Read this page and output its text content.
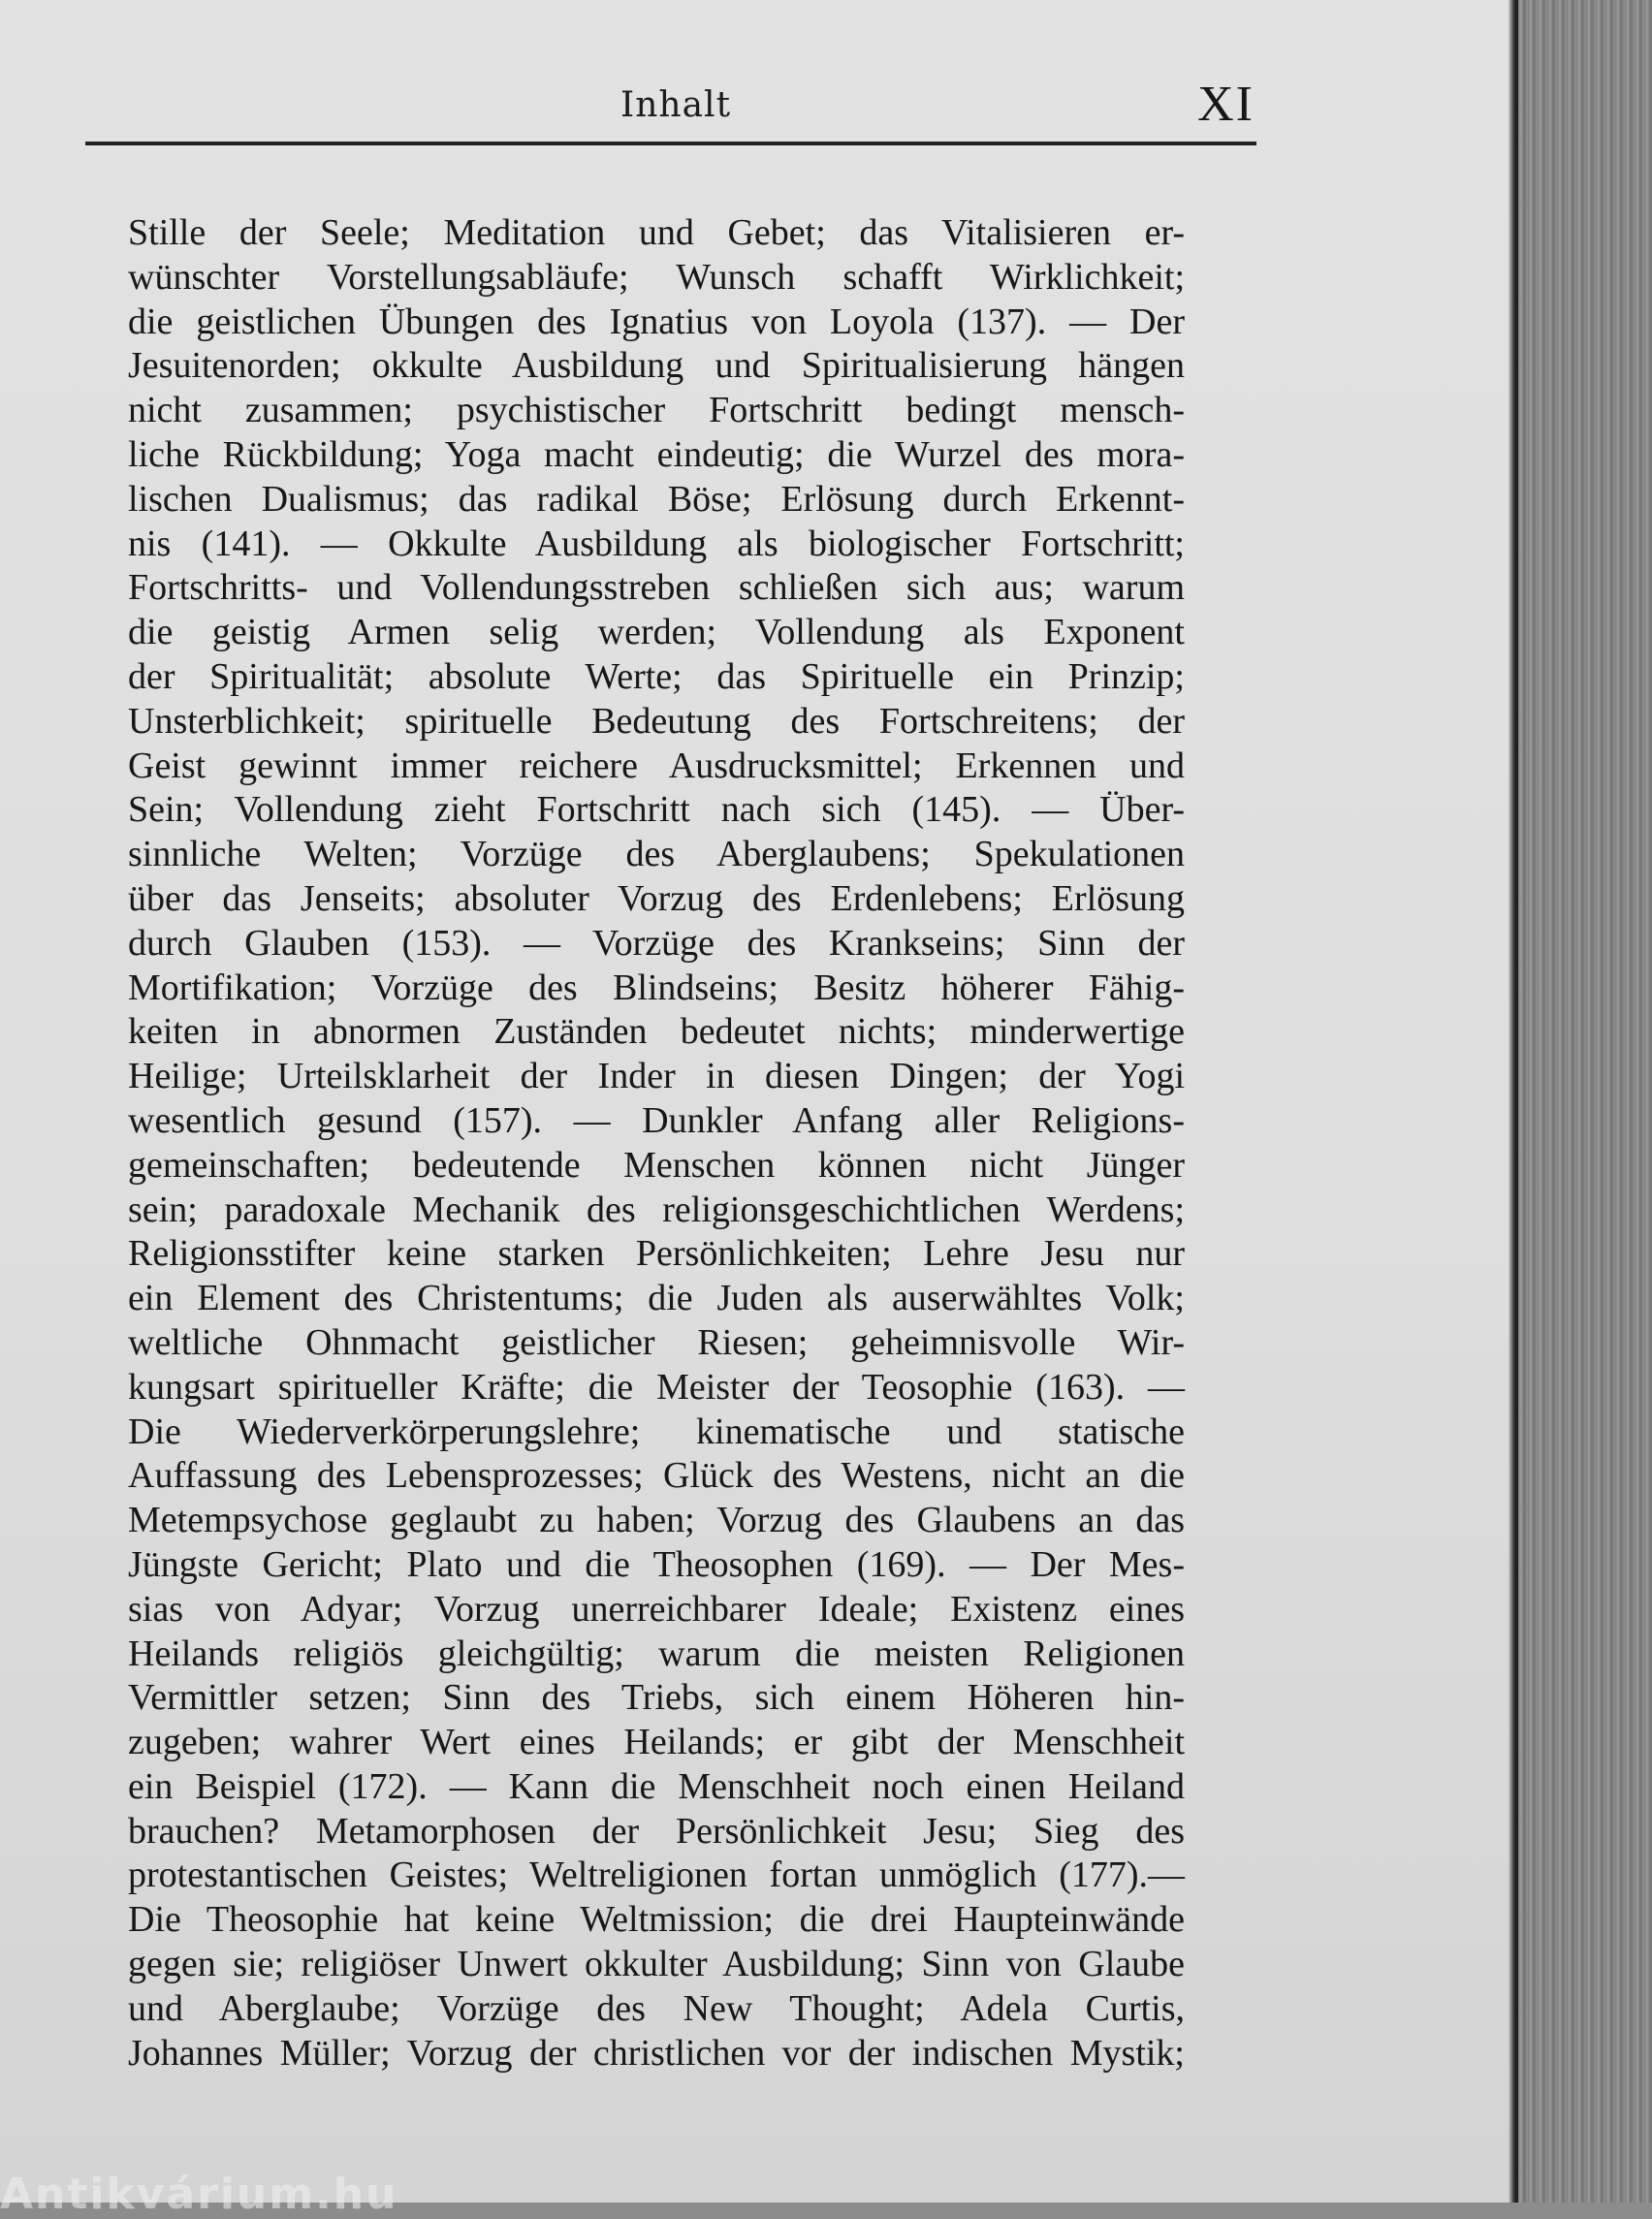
Inhalt	XI
Stille der Seele; Meditation und Gebet; das Vitalisieren er-
wünschter Vorstellungsabläufe; Wunsch schafft Wirklichkeit;
die geistlichen Übungen des Ignatius von Loyola (137). — Der
Jesuitenorden; okkulte Ausbildung und Spiritualisierung hängen
nicht zusammen; psychistischer Fortschritt bedingt mensch-
liche Rückbildung; Yoga macht eindeutig; die Wurzel des mora-
lischen Dualismus; das radikal Böse; Erlösung durch Erkennt-
nis (141). — Okkulte Ausbildung als biologischer Fortschritt;
Fortschritts- und Vollendungsstreben schließen sich aus; warum
die geistig Armen selig werden; Vollendung als Exponent
der Spiritualität; absolute Werte; das Spirituelle ein Prinzip;
Unsterblichkeit; spirituelle Bedeutung des Fortschreitens; der
Geist gewinnt immer reichere Ausdrucksmittel; Erkennen und
Sein; Vollendung zieht Fortschritt nach sich (145). — Über-
sinnliche Welten; Vorzüge des Aberglaubens; Spekulationen
über das Jenseits; absoluter Vorzug des Erdenlebens; Erlösung
durch Glauben (153). — Vorzüge des Krankseins; Sinn der
Mortifikation; Vorzüge des Blindseins; Besitz höherer Fähig-
keiten in abnormen Zuständen bedeutet nichts; minderwertige
Heilige; Urteilsklarheit der Inder in diesen Dingen; der Yogi
wesentlich gesund (157). — Dunkler Anfang aller Religions-
gemeinschaften; bedeutende Menschen können nicht Jünger
sein; paradoxale Mechanik des religionsgeschichtlichen Werdens;
Religionsstifter keine starken Persönlichkeiten; Lehre Jesu nur
ein Element des Christentums; die Juden als auserwähltes Volk;
weltliche Ohnmacht geistlicher Riesen; geheimnisvolle Wir-
kungsart spiritueller Kräfte; die Meister der Teosophie (163). —
Die Wiederverkörperungslehre; kinematische und statische
Auffassung des Lebensprozesses; Glück des Westens, nicht an die
Metempsychose geglaubt zu haben; Vorzug des Glaubens an das
Jüngste Gericht; Plato und die Theosophen (169). — Der Mes-
sias von Adyar; Vorzug unerreichbarer Ideale; Existenz eines
Heilands religiös gleichgültig; warum die meisten Religionen
Vermittler setzen; Sinn des Triebs, sich einem Höheren hin-
zugeben; wahrer Wert eines Heilands; er gibt der Menschheit
ein Beispiel (172). — Kann die Menschheit noch einen Heiland
brauchen? Metamorphosen der Persönlichkeit Jesu; Sieg des
protestantischen Geistes; Weltreligionen fortan unmöglich (177).—
Die Theosophie hat keine Weltmission; die drei Haupteinwände
gegen sie; religiöser Unwert okkulter Ausbildung; Sinn von Glaube
und Aberglaube; Vorzüge des New Thought; Adela Curtis,
Johannes Müller; Vorzug der christlichen vor der indischen Mystik;
Antikvárium.hu
